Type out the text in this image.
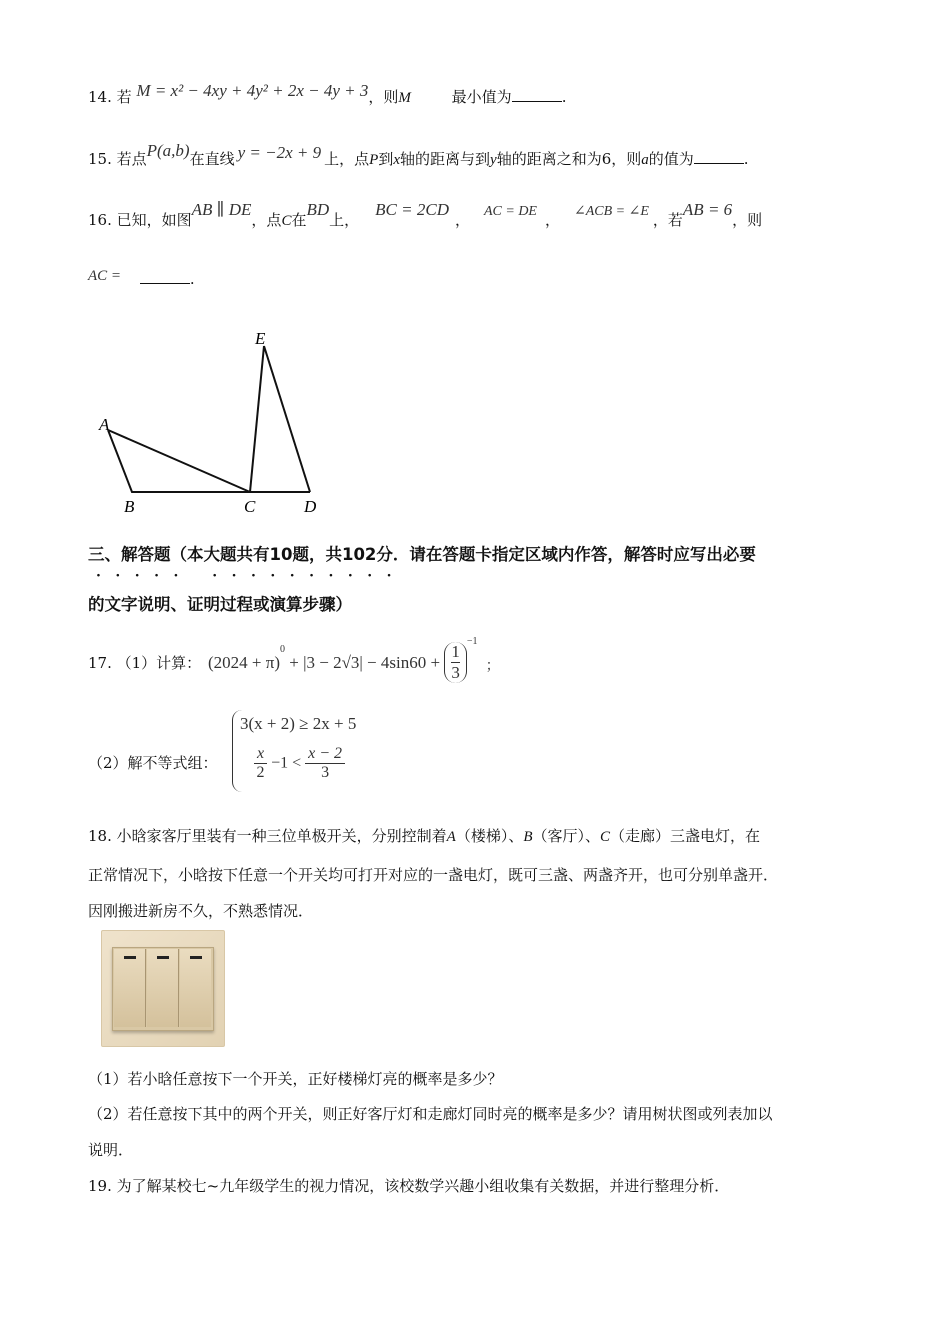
14. 若 M = x² − 4xy + 4y² + 2x − 4y + 3，则M	最小值为	.
15. 若点P(a,b)在直线 y = −2x + 9 上，点P到x轴的距离与到y轴的距离之和为6，则a的值为	.
16. 已知，如图AB ∥ DE，点C在BD上，BC = 2CD， AC = DE ， ∠ACB = ∠E ，若AB = 6，则
AC =	.
A
B	C	D
E
三、解答题（本大题共有10题，共102分．请在答题卡指定区域内作答，解答时应写出必要
····· ··········
的文字说明、证明过程或演算步骤）
17. （1）计算： $(2024 + \pi)^0 + |3 - 2√3| - 4\sin 60 + \frac{1}{3}$
$^{-1}$ $_;$
（2）解不等式组：
3(x + 2) ≥ 2x + 5
$\frac{x}{2} -1 < \frac{x - 2}{3}$
18. 小晗家客厅里装有一种三位单极开关，分别控制着A（楼梯）、B（客厅）、C（走廊）三盏电灯，在
正常情况下，小晗按下任意一个开关均可打开对应的一盏电灯，既可三盏、两盏齐开，也可分别单盏开．
因刚搬进新房不久，不熟悉情况．
（1）若小晗任意按下一个开关，正好楼梯灯亮的概率是多少？
（2）若任意按下其中的两个开关，则正好客厅灯和走廊灯同时亮的概率是多少？请用树状图或列表加以
说明．
19. 为了解某校七~九年级学生的视力情况，该校数学兴趣小组收集有关数据，并进行整理分析．
